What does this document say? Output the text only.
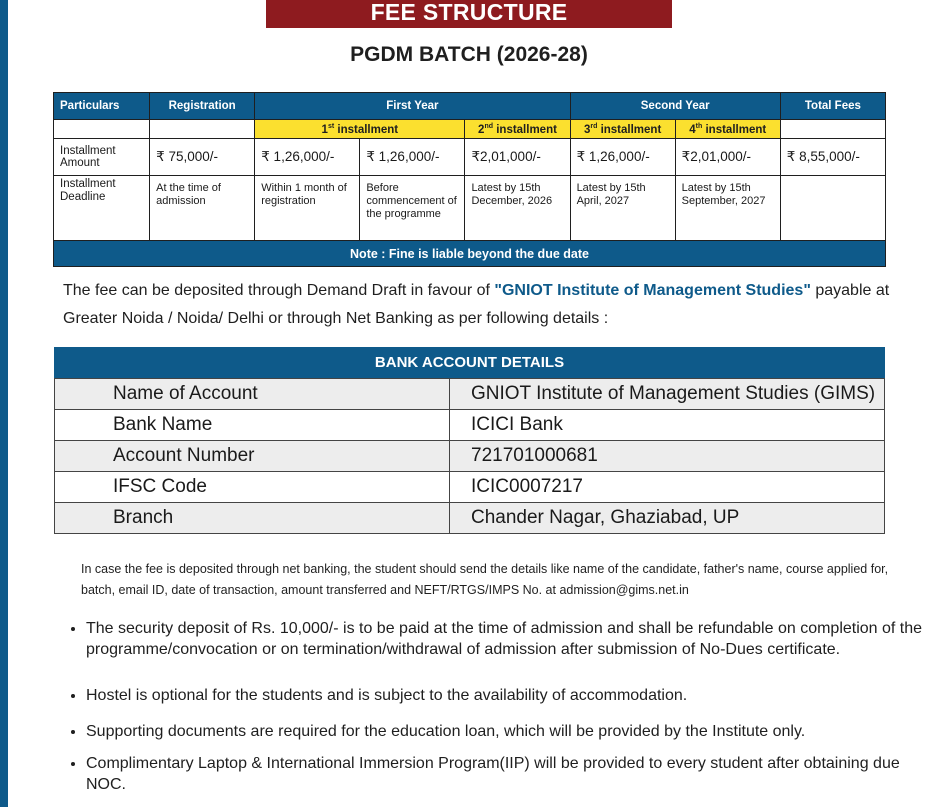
FEE STRUCTURE
PGDM BATCH (2026-28)
Particulars	Registration	First Year			Second Year		Total Fees
		1st installment		2nd installment	3rd installment	4th installment	
Installment Amount	₹ 75,000/-	₹ 1,26,000/-	₹ 1,26,000/-	₹2,01,000/-	₹ 1,26,000/-	₹2,01,000/-	₹ 8,55,000/-
Installment Deadline	At the time of admission	Within 1 month of registration	Before commencement of the programme	Latest by 15th December, 2026	Latest by 15th April, 2027	Latest by 15th September, 2027	
Note : Fine is liable beyond the due date							
The fee can be deposited through Demand Draft in favour of "GNIOT Institute of Management Studies" payable at Greater Noida / Noida/ Delhi or through Net Banking as per following details :
BANK ACCOUNT DETAILS
Name of Account	GNIOT Institute of Management Studies (GIMS)
Bank Name	ICICI Bank
Account Number	721701000681
IFSC Code	ICIC0007217
Branch	Chander Nagar, Ghaziabad, UP
In case the fee is deposited through net banking, the student should send the details like name of the candidate, father's name, course applied for, batch, email ID, date of transaction, amount transferred and NEFT/RTGS/IMPS No. at admission@gims.net.in
• The security deposit of Rs. 10,000/- is to be paid at the time of admission and shall be refundable on completion of the programme/convocation or on termination/withdrawal of admission after submission of No-Dues certificate.
• Hostel is optional for the students and is subject to the availability of accommodation.
• Supporting documents are required for the education loan, which will be provided by the Institute only.
• Complimentary Laptop & International Immersion Program(IIP) will be provided to every student after obtaining due NOC.
